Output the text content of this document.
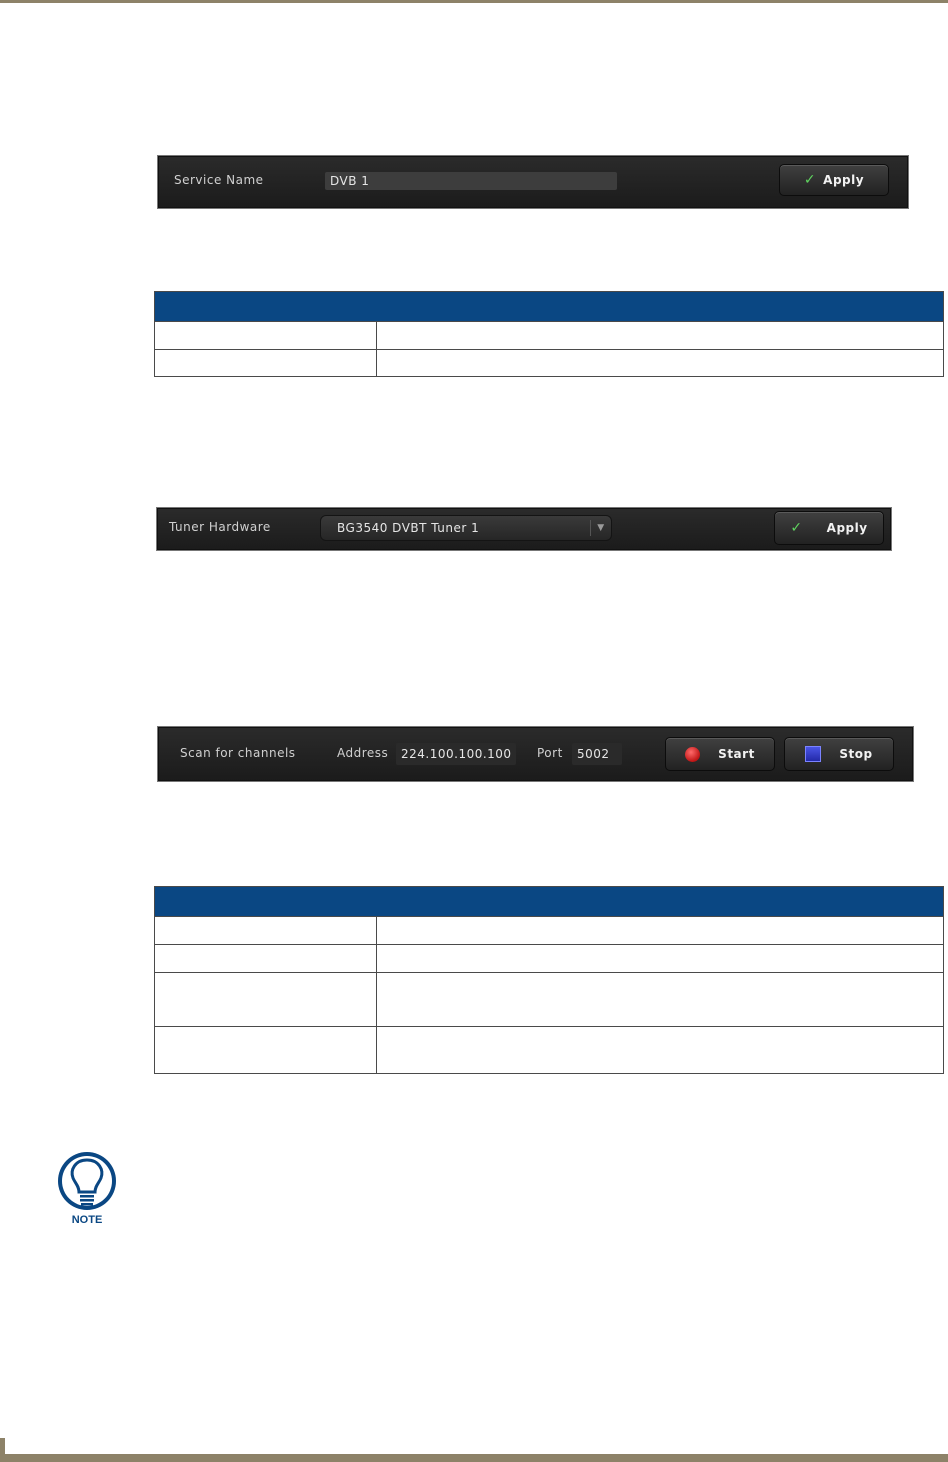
Service Name	DVB 1	✓ Apply

Tuner Hardware	BG3540 DVBT Tuner 1	▼	✓ Apply
Scan for channels	Address	224.100.100.100	Port	5002	Start	Stop

NOTE
